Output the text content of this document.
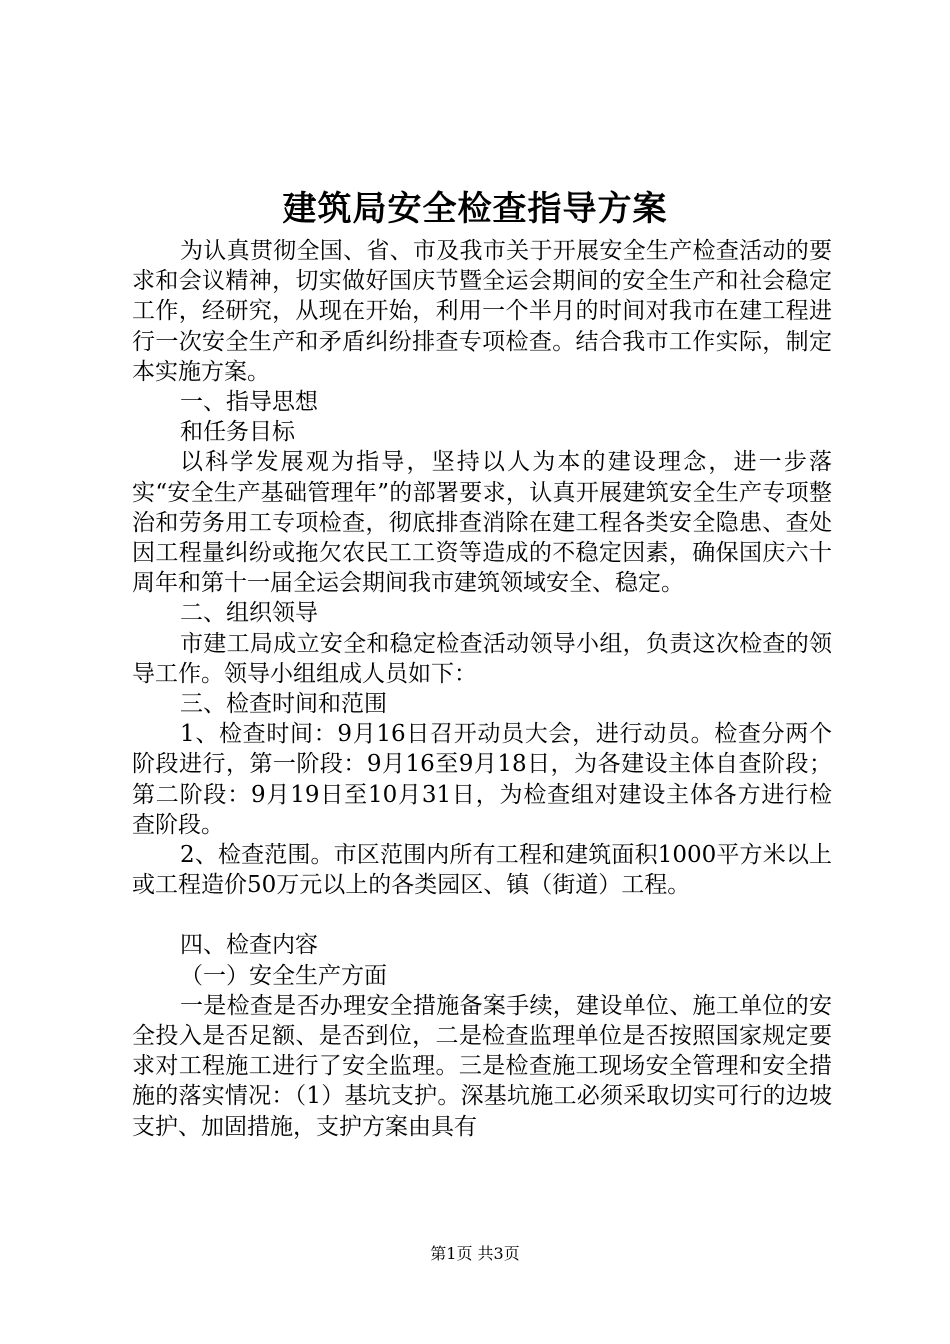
建筑局安全检查指导方案

为认真贯彻全国、省、市及我市关于开展安全生产检查活动的要求和会议精神，切实做好国庆节暨全运会期间的安全生产和社会稳定工作，经研究，从现在开始，利用一个半月的时间对我市在建工程进行一次安全生产和矛盾纠纷排查专项检查。结合我市工作实际，制定本实施方案。

一、指导思想

和任务目标

以科学发展观为指导，坚持以人为本的建设理念，进一步落实“安全生产基础管理年”的部署要求，认真开展建筑安全生产专项整治和劳务用工专项检查，彻底排查消除在建工程各类安全隐患、查处因工程量纠纷或拖欠农民工工资等造成的不稳定因素，确保国庆六十周年和第十一届全运会期间我市建筑领域安全、稳定。

二、组织领导

市建工局成立安全和稳定检查活动领导小组，负责这次检查的领导工作。领导小组组成人员如下：

三、检查时间和范围

1、检查时间：9月16日召开动员大会，进行动员。检查分两个阶段进行，第一阶段：9月16至9月18日，为各建设主体自查阶段；第二阶段：9月19日至10月31日，为检查组对建设主体各方进行检查阶段。

2、检查范围。市区范围内所有工程和建筑面积1000平方米以上或工程造价50万元以上的各类园区、镇（街道）工程。

四、检查内容

（一）安全生产方面

一是检查是否办理安全措施备案手续，建设单位、施工单位的安全投入是否足额、是否到位，二是检查监理单位是否按照国家规定要求对工程施工进行了安全监理。三是检查施工现场安全管理和安全措施的落实情况：（1）基坑支护。深基坑施工必须采取切实可行的边坡支护、加固措施，支护方案由具有

第1页 共3页
